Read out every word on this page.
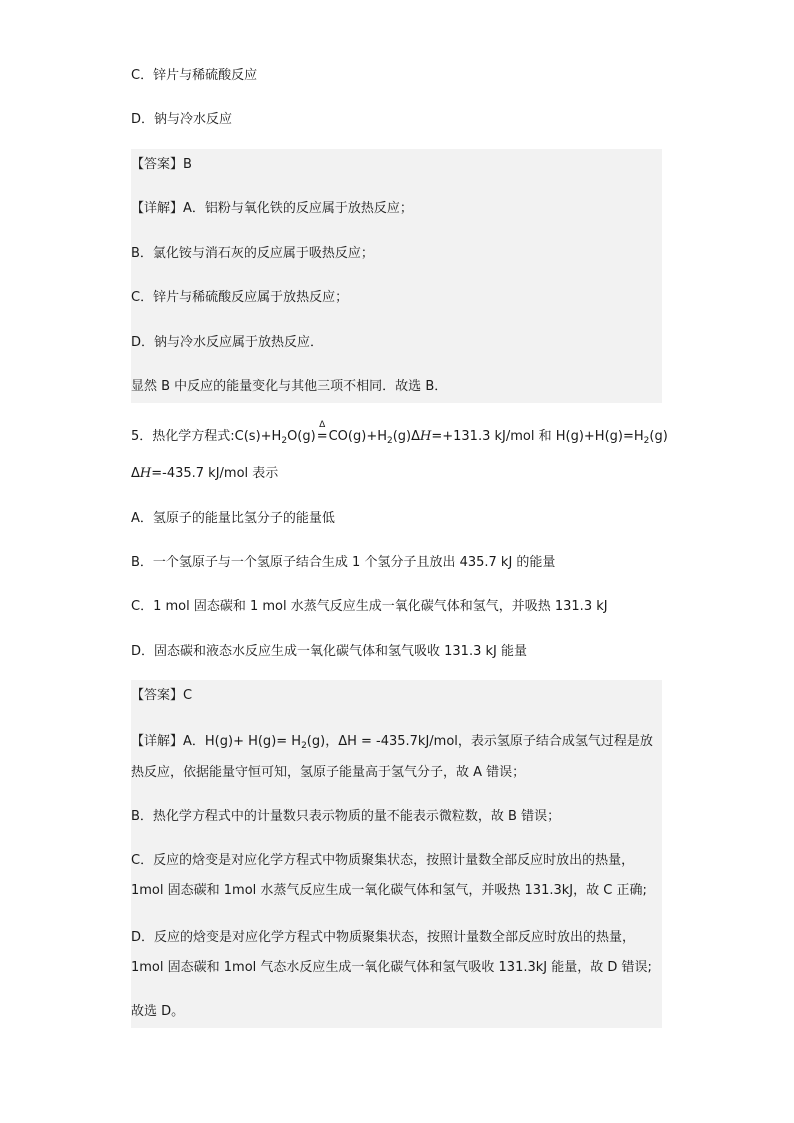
C．锌片与稀硫酸反应
D．钠与冷水反应
【答案】B
【详解】A．铝粉与氧化铁的反应属于放热反应；
B．氯化铵与消石灰的反应属于吸热反应；
C．锌片与稀硫酸反应属于放热反应；
D．钠与冷水反应属于放热反应．
显然 B 中反应的能量变化与其他三项不相同．故选 B．
5．热化学方程式$:C(s)+H_2O(g)$
Δ
$=CO(g)+H_2(g)\Delta H=+131.3$ kJ/mol 和 $H(g)+H(g)=H_2(g)$
ΔH=-435.7 kJ/mol 表示
A．氢原子的能量比氢分子的能量低
B．一个氢原子与一个氢原子结合生成 1 个氢分子且放出 435.7 kJ 的能量
C．1 mol 固态碳和 1 mol 水蒸气反应生成一氧化碳气体和氢气，并吸热 131.3 kJ
D．固态碳和液态水反应生成一氧化碳气体和氢气吸收 131.3 kJ 能量
【答案】C
【详解】A．$H(g)+ H(g)= H_2(g)$，ΔH = -435.7kJ/mol，表示氢原子结合成氢气过程是放
热反应，依据能量守恒可知，氢原子能量高于氢气分子，故 A 错误；
B．热化学方程式中的计量数只表示物质的量不能表示微粒数，故 B 错误；
C．反应的焓变是对应化学方程式中物质聚集状态，按照计量数全部反应时放出的热量，
1mol 固态碳和 1mol 水蒸气反应生成一氧化碳气体和氢气，并吸热 131.3kJ，故 C 正确;
D．反应的焓变是对应化学方程式中物质聚集状态，按照计量数全部反应时放出的热量，
1mol 固态碳和 1mol 气态水反应生成一氧化碳气体和氢气吸收 131.3kJ 能量，故 D 错误;
故选 D。
